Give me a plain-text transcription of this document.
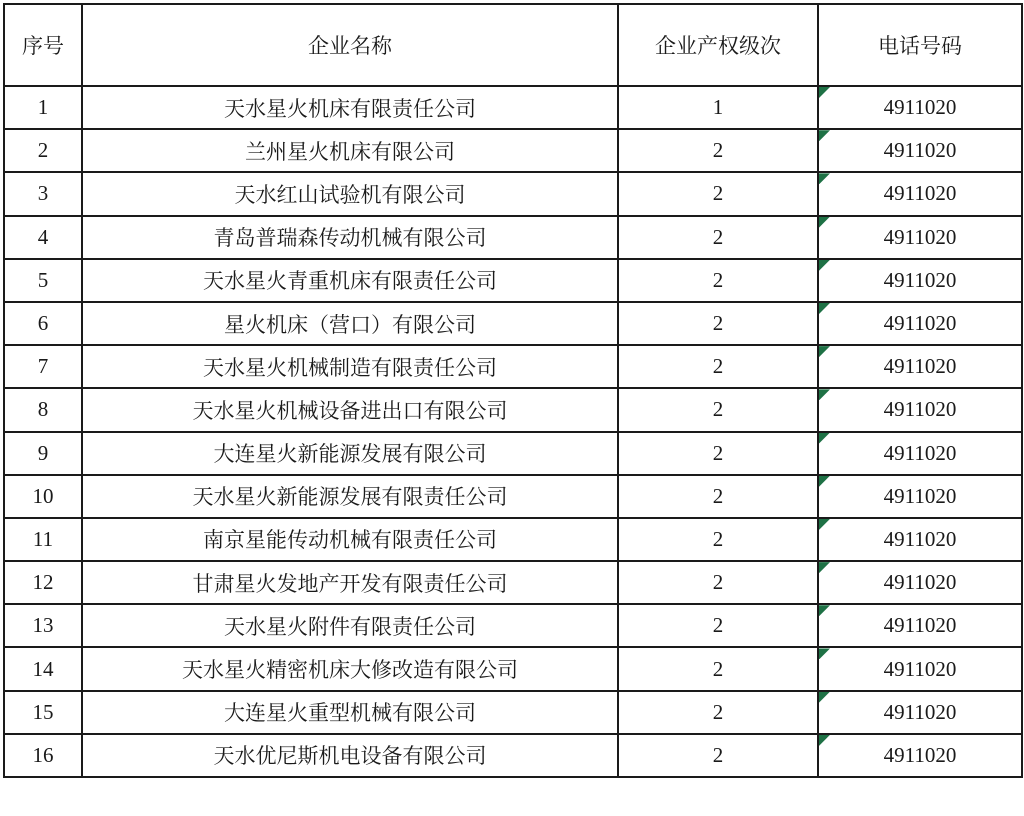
序号	企业名称	企业产权级次	电话号码
1	天水星火机床有限责任公司	1	4911020
2	兰州星火机床有限公司	2	4911020
3	天水红山试验机有限公司	2	4911020
4	青岛普瑞森传动机械有限公司	2	4911020
5	天水星火青重机床有限责任公司	2	4911020
6	星火机床（营口）有限公司	2	4911020
7	天水星火机械制造有限责任公司	2	4911020
8	天水星火机械设备进出口有限公司	2	4911020
9	大连星火新能源发展有限公司	2	4911020
10	天水星火新能源发展有限责任公司	2	4911020
11	南京星能传动机械有限责任公司	2	4911020
12	甘肃星火发地产开发有限责任公司	2	4911020
13	天水星火附件有限责任公司	2	4911020
14	天水星火精密机床大修改造有限公司	2	4911020
15	大连星火重型机械有限公司	2	4911020
16	天水优尼斯机电设备有限公司	2	4911020
